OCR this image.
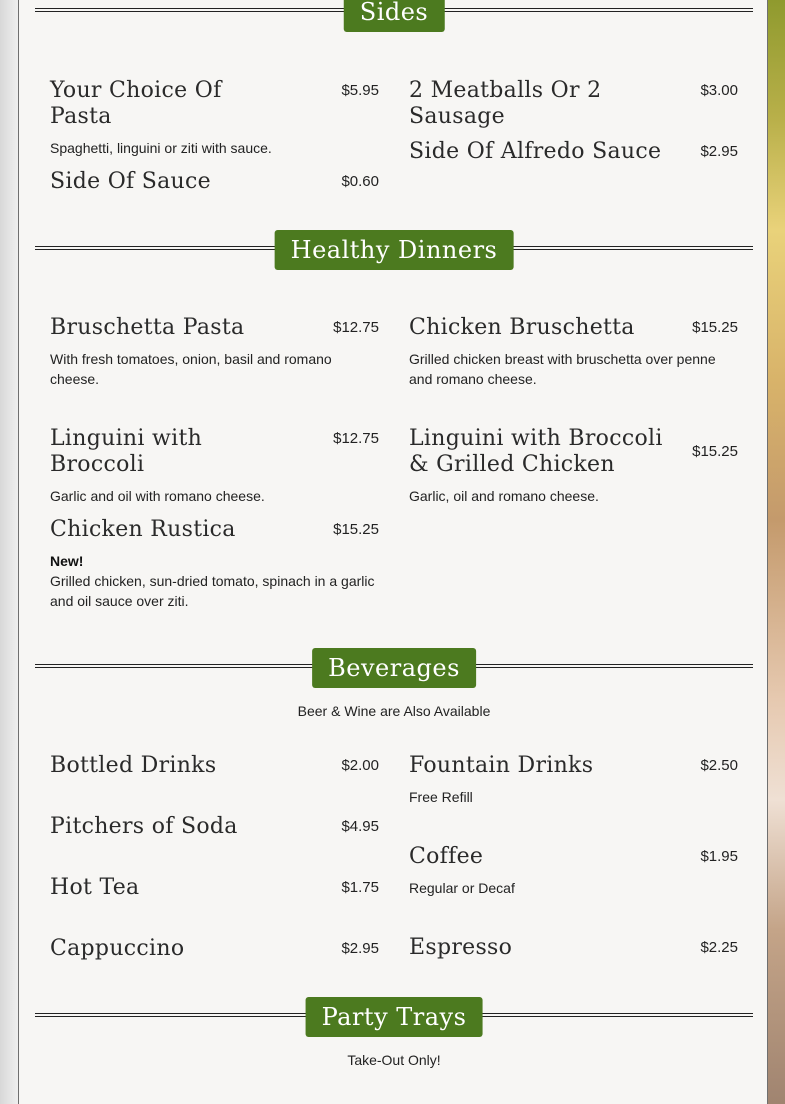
Sides
Your Choice Of Pasta
$5.95
Spaghetti, linguini or ziti with sauce.
2 Meatballs Or 2 Sausage
$3.00
Side Of Alfredo Sauce	$2.95
Side Of Sauce	$0.60
Healthy Dinners
Bruschetta Pasta	$12.75
With fresh tomatoes, onion, basil and romano cheese.
Chicken Bruschetta	$15.25
Grilled chicken breast with bruschetta over penne and romano cheese.
Linguini with Broccoli
$12.75
Garlic and oil with romano cheese.
Linguini with Broccoli & Grilled Chicken
$15.25
Garlic, oil and romano cheese.
Chicken Rustica	$15.25
New!
Grilled chicken, sun-dried tomato, spinach in a garlic and oil sauce over ziti.
Beverages
Beer & Wine are Also Available
Bottled Drinks	$2.00 Fountain Drinks	$2.50
Free Refill
Pitchers of Soda	$4.95
Coffee	$1.95
Regular or Decaf
Hot Tea	$1.75
Cappuccino	$2.95 Espresso	$2.25
Party Trays
Take-Out Only!
